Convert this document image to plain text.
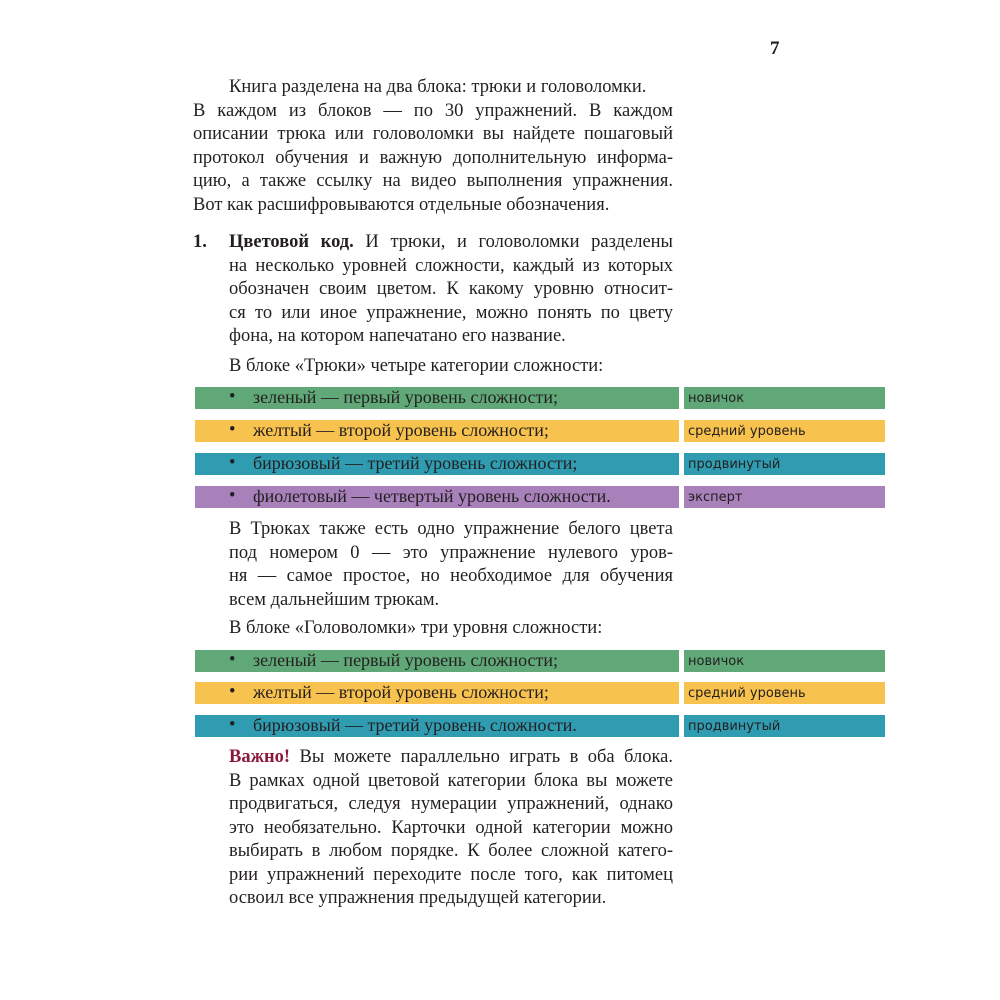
7
Книга разделена на два блока: трюки и головоломки.
В каждом из блоков — по 30 упражнений. В каждом
описании трюка или головоломки вы найдете пошаговый
протокол обучения и важную дополнительную информа-
цию, а также ссылку на видео выполнения упражнения.
Вот как расшифровываются отдельные обозначения.
1. Цветовой код. И трюки, и головоломки разделены
на несколько уровней сложности, каждый из которых
обозначен своим цветом. К какому уровню относит-
ся то или иное упражнение, можно понять по цвету
фона, на котором напечатано его название.
В блоке «Трюки» четыре категории сложности:
новичок
• зеленый — первый уровень сложности;
средний уровень
• желтый — второй уровень сложности;
продвинутый
• бирюзовый — третий уровень сложности;
эксперт
• фиолетовый — четвертый уровень сложности.
В Трюках также есть одно упражнение белого цвета
под номером 0 — это упражнение нулевого уров-
ня — самое простое, но необходимое для обучения
всем дальнейшим трюкам.
В блоке «Головоломки» три уровня сложности:
новичок
• зеленый — первый уровень сложности;
средний уровень
• желтый — второй уровень сложности;
продвинутый
• бирюзовый — третий уровень сложности.
Важно! Вы можете параллельно играть в оба блока.
В рамках одной цветовой категории блока вы можете
продвигаться, следуя нумерации упражнений, однако
это необязательно. Карточки одной категории можно
выбирать в любом порядке. К более сложной катего-
рии упражнений переходите после того, как питомец
освоил все упражнения предыдущей категории.
